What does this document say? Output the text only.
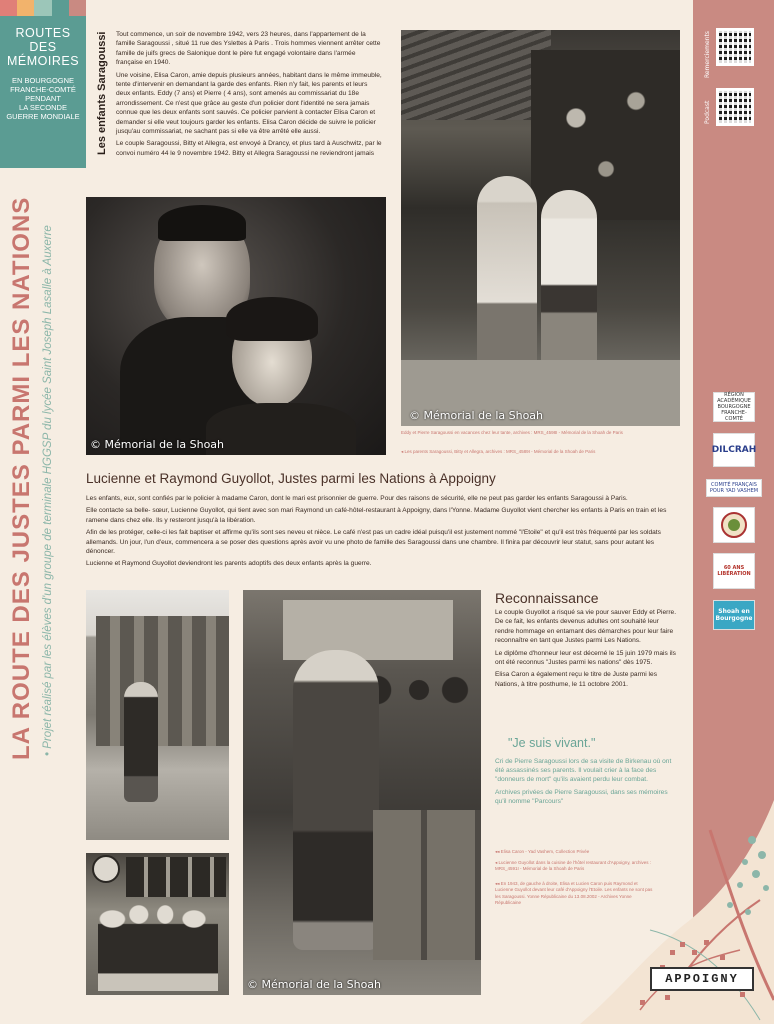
ROUTES
DES
MÉMOIRES
EN BOURGOGNE
FRANCHE-COMTÉ
PENDANT
LA SECONDE
GUERRE MONDIALE
LA ROUTE DES JUSTES PARMI LES NATIONS • Projet réalisé par les élèves d'un groupe de terminale HGGSP du lycée Saint Joseph Lasalle à Auxerre
Remerciements
Podcast
RÉGION ACADÉMIQUE BOURGOGNE FRANCHE-COMTÉ
DILCRAH
COMITÉ FRANÇAIS POUR YAD VASHEM
60 ANS LIBÉRATION
Shoah en Bourgogne
APPOIGNY
Les enfants Saragoussi Tout commence, un soir de novembre 1942, vers 23 heures, dans l'appartement de la famille Saragoussi , situé 11 rue des Yslettes à Paris . Trois hommes viennent arrêter cette famille de juifs grecs de Salonique dont le père fut engagé volontaire dans l'armée française en 1940.

Une voisine, Elisa Caron, amie depuis plusieurs années, habitant dans le même immeuble, tente d'intervenir en demandant la garde des enfants. Rien n'y fait, les parents et leurs deux enfants. Eddy (7 ans) et Pierre ( 4 ans), sont amenés au commissariat du 18e arrondissement. Ce n'est que grâce au geste d'un policier dont l'identité ne sera jamais connue que les deux enfants sont sauvés. Ce policier parvient à contacter Elisa Caron et demander si elle veut toujours garder les enfants. Elisa Caron décide de suivre le policier jusqu'au commissariat, ne sachant pas si elle va être arrêté elle aussi.

Le couple Saragoussi, Bitty et Allegra, est envoyé à Drancy, et plus tard à Auschwitz, par le convoi numéro 44 le 9 novembre 1942. Bitty et Allegra Saragoussi ne reviendront jamais

© Mémorial de la Shoah
© Mémorial de la Shoah
Eddy et Pierre Saragoussi en vacances chez leur tante, archives : MRS_4598I - Mémorial de la Shoah de Paris
◂ Les parents Saragoussi, Bitty et Allegra, archives : MRS_4589I - Mémorial de la Shoah de Paris
Lucienne et Raymond Guyollot, Justes parmi les Nations à Appoigny

Les enfants, eux, sont confiés par le policier à madame Caron, dont le mari est prisonnier de guerre. Pour des raisons de sécurité, elle ne peut pas garder les enfants Saragoussi à Paris.

Elle contacte sa belle- sœur, Lucienne Guyollot, qui tient avec son mari Raymond un café-hôtel-restaurant à Appoigny, dans l'Yonne. Madame Guyollot vient chercher les enfants à Paris en train et les ramene dans chez elle. Ils y resteront jusqu'à la libération.

Afin de les protéger, celle-ci les fait baptiser et affirme qu'ils sont ses neveu et nièce. Le café n'est pas un cadre idéal puisqu'il est justement nommé "l'Etoile" et qu'il est très fréquenté par les soldats allemands. Un jour, l'un d'eux, commencera a se poser des questions après avoir vu une photo de famille des Saragoussi dans une chambre. Il finira par découvrir leur statut, sans pour autant les dénoncer.

Lucienne et Raymond Guyollot deviendront les parents adoptifs des deux enfants après la guerre.

© Mémorial de la Shoah
Reconnaissance

Le couple Guyollot a risqué sa vie pour sauver Eddy et Pierre. De ce fait, les enfants devenus adultes ont souhaité leur rendre hommage en entamant des démarches pour leur faire reconnaître en tant que Justes parmi Les Nations.

Le diplôme d'honneur leur est décerné le 15 juin 1979 mais ils ont été reconnus "Justes parmi les nations" dès 1975.

Elisa Caron a également reçu le titre de Juste parmi les Nations, à titre posthume, le 11 octobre 2001.

"Je suis vivant."

Cri de Pierre Saragoussi lors de sa visite de Birkenau où ont été assassinés ses parents. Il voulait crier à la face des "donneurs de mort" qu'ils avaient perdu leur combat.

Archives privées de Pierre Saragoussi, dans ses mémoires qu'il nomme "Parcours"

◂◂ Elisa Caron - Yad Vashem, Collection Privée
◂ Lucienne Guyollot dans la cuisine de l'hôtel restaurant d'Appoigny, archives : MRS_4591I - Mémorial de la Shoah de Paris
◂◂ En 1943, de gauche à droite, Elisa et Lucien Caron puis Raymond et Lucienne Guyollot devant leur café d'Appoigny l'Etoile. Les enfants ne sont pas les Saragoussi. Yonne Républicaine du 13.08.2002 - Archives Yonne Républicaine
